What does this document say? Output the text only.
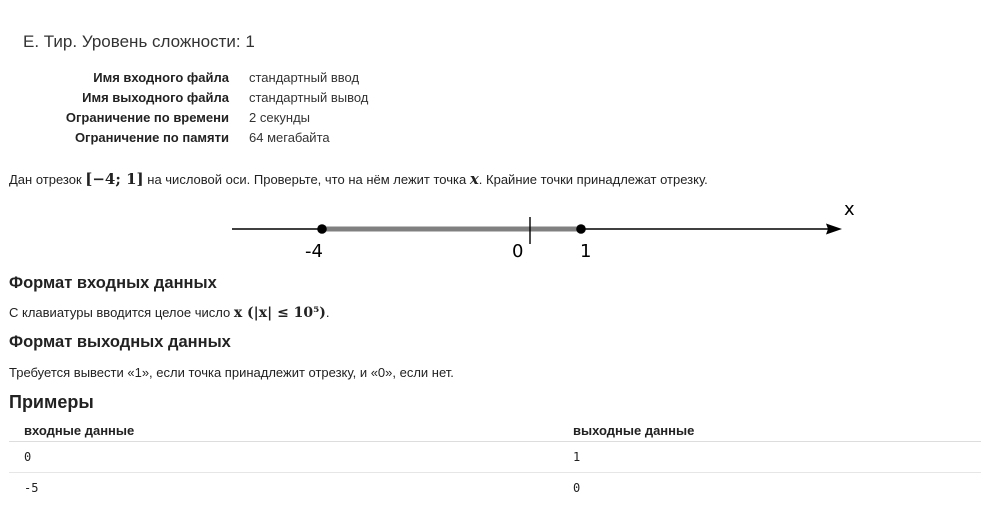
E. Тир. Уровень сложности: 1
Имя входного файла	стандартный ввод
Имя выходного файла	стандартный вывод
Ограничение по времени	2 секунды
Ограничение по памяти	64 мегабайта
Дан отрезок [−4; 1] на числовой оси. Проверьте, что на нём лежит точка x. Крайние точки принадлежат отрезку.
x
-4	0	1
Формат входных данных
С клавиатуры вводится целое число x (|x| ≤ 10⁵).
Формат выходных данных
Требуется вывести «1», если точка принадлежит отрезку, и «0», если нет.
Примеры
входные данные	выходные данные
0	1
-5	0
